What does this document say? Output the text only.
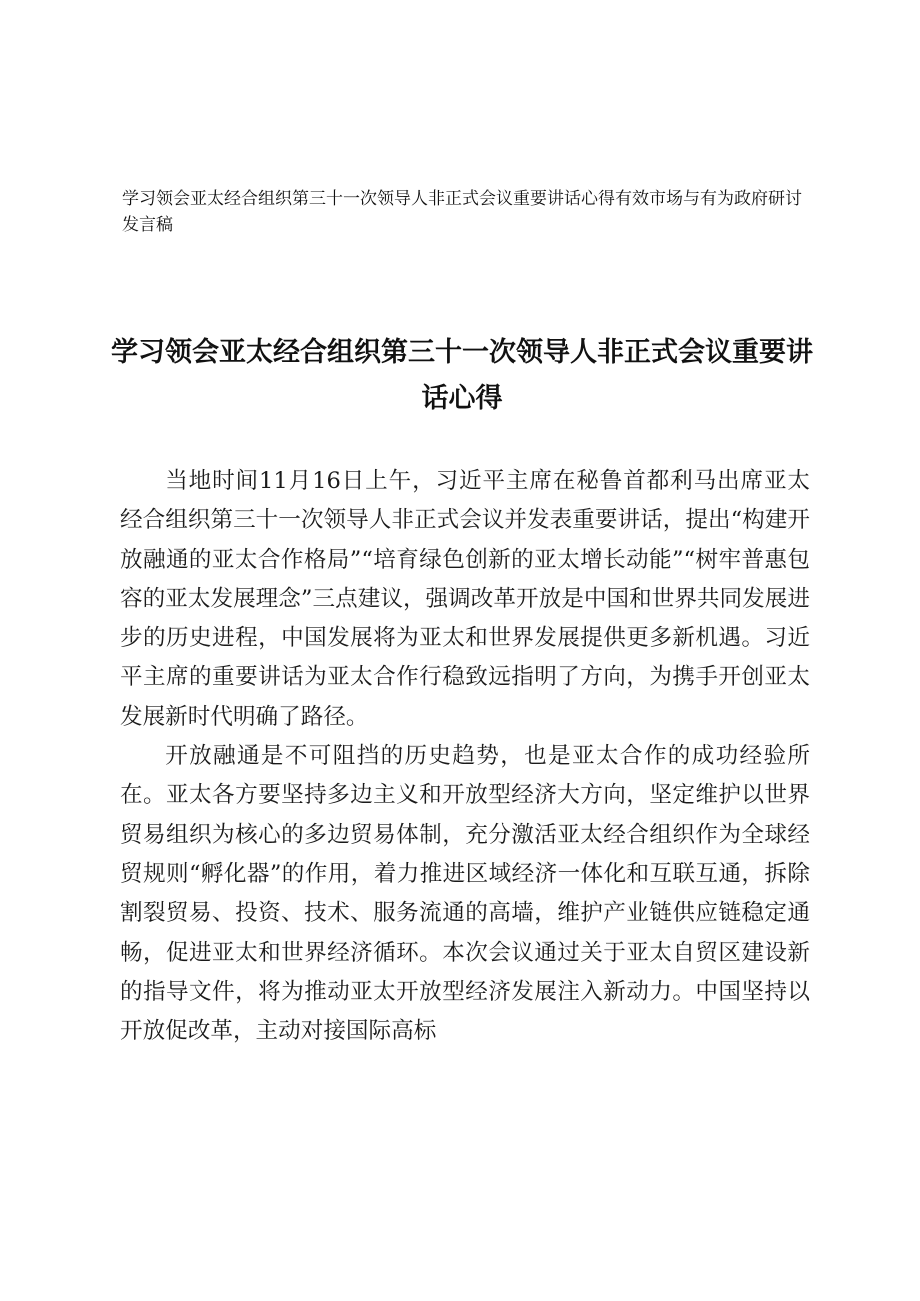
学习领会亚太经合组织第三十一次领导人非正式会议重要讲话心得有效市场与有为政府研讨发言稿

学习领会亚太经合组织第三十一次领导人非正式会议重要讲话心得

当地时间11月16日上午，习近平主席在秘鲁首都利马出席亚太经合组织第三十一次领导人非正式会议并发表重要讲话，提出“构建开放融通的亚太合作格局”“培育绿色创新的亚太增长动能”“树牢普惠包容的亚太发展理念”三点建议，强调改革开放是中国和世界共同发展进步的历史进程，中国发展将为亚太和世界发展提供更多新机遇。习近平主席的重要讲话为亚太合作行稳致远指明了方向，为携手开创亚太发展新时代明确了路径。

开放融通是不可阻挡的历史趋势，也是亚太合作的成功经验所在。亚太各方要坚持多边主义和开放型经济大方向，坚定维护以世界贸易组织为核心的多边贸易体制，充分激活亚太经合组织作为全球经贸规则“孵化器”的作用，着力推进区域经济一体化和互联互通，拆除割裂贸易、投资、技术、服务流通的高墙，维护产业链供应链稳定通畅，促进亚太和世界经济循环。本次会议通过关于亚太自贸区建设新的指导文件，将为推动亚太开放型经济发展注入新动力。中国坚持以开放促改革，主动对接国际高标
